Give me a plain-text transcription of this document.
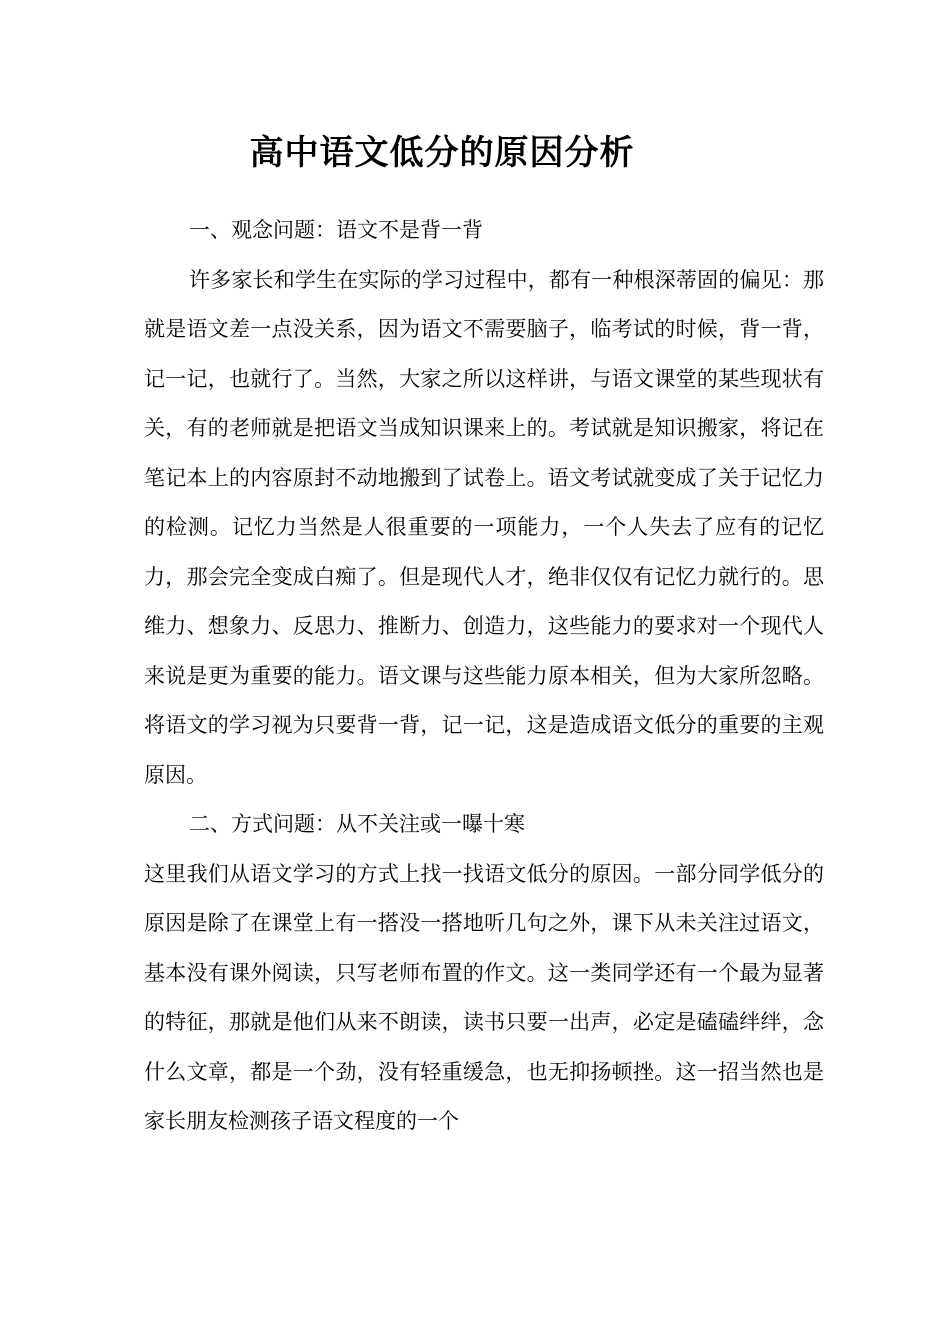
高中语文低分的原因分析

一、观念问题：语文不是背一背

许多家长和学生在实际的学习过程中，都有一种根深蒂固的偏见：那就是语文差一点没关系，因为语文不需要脑子，临考试的时候，背一背，记一记，也就行了。当然，大家之所以这样讲，与语文课堂的某些现状有关，有的老师就是把语文当成知识课来上的。考试就是知识搬家，将记在笔记本上的内容原封不动地搬到了试卷上。语文考试就变成了关于记忆力的检测。记忆力当然是人很重要的一项能力，一个人失去了应有的记忆力，那会完全变成白痴了。但是现代人才，绝非仅仅有记忆力就行的。思维力、想象力、反思力、推断力、创造力，这些能力的要求对一个现代人来说是更为重要的能力。语文课与这些能力原本相关，但为大家所忽略。将语文的学习视为只要背一背，记一记，这是造成语文低分的重要的主观原因。

二、方式问题：从不关注或一曝十寒

这里我们从语文学习的方式上找一找语文低分的原因。一部分同学低分的原因是除了在课堂上有一搭没一搭地听几句之外，课下从未关注过语文，基本没有课外阅读，只写老师布置的作文。这一类同学还有一个最为显著的特征，那就是他们从来不朗读，读书只要一出声，必定是磕磕绊绊，念什么文章，都是一个劲，没有轻重缓急，也无抑扬顿挫。这一招当然也是家长朋友检测孩子语文程度的一个
